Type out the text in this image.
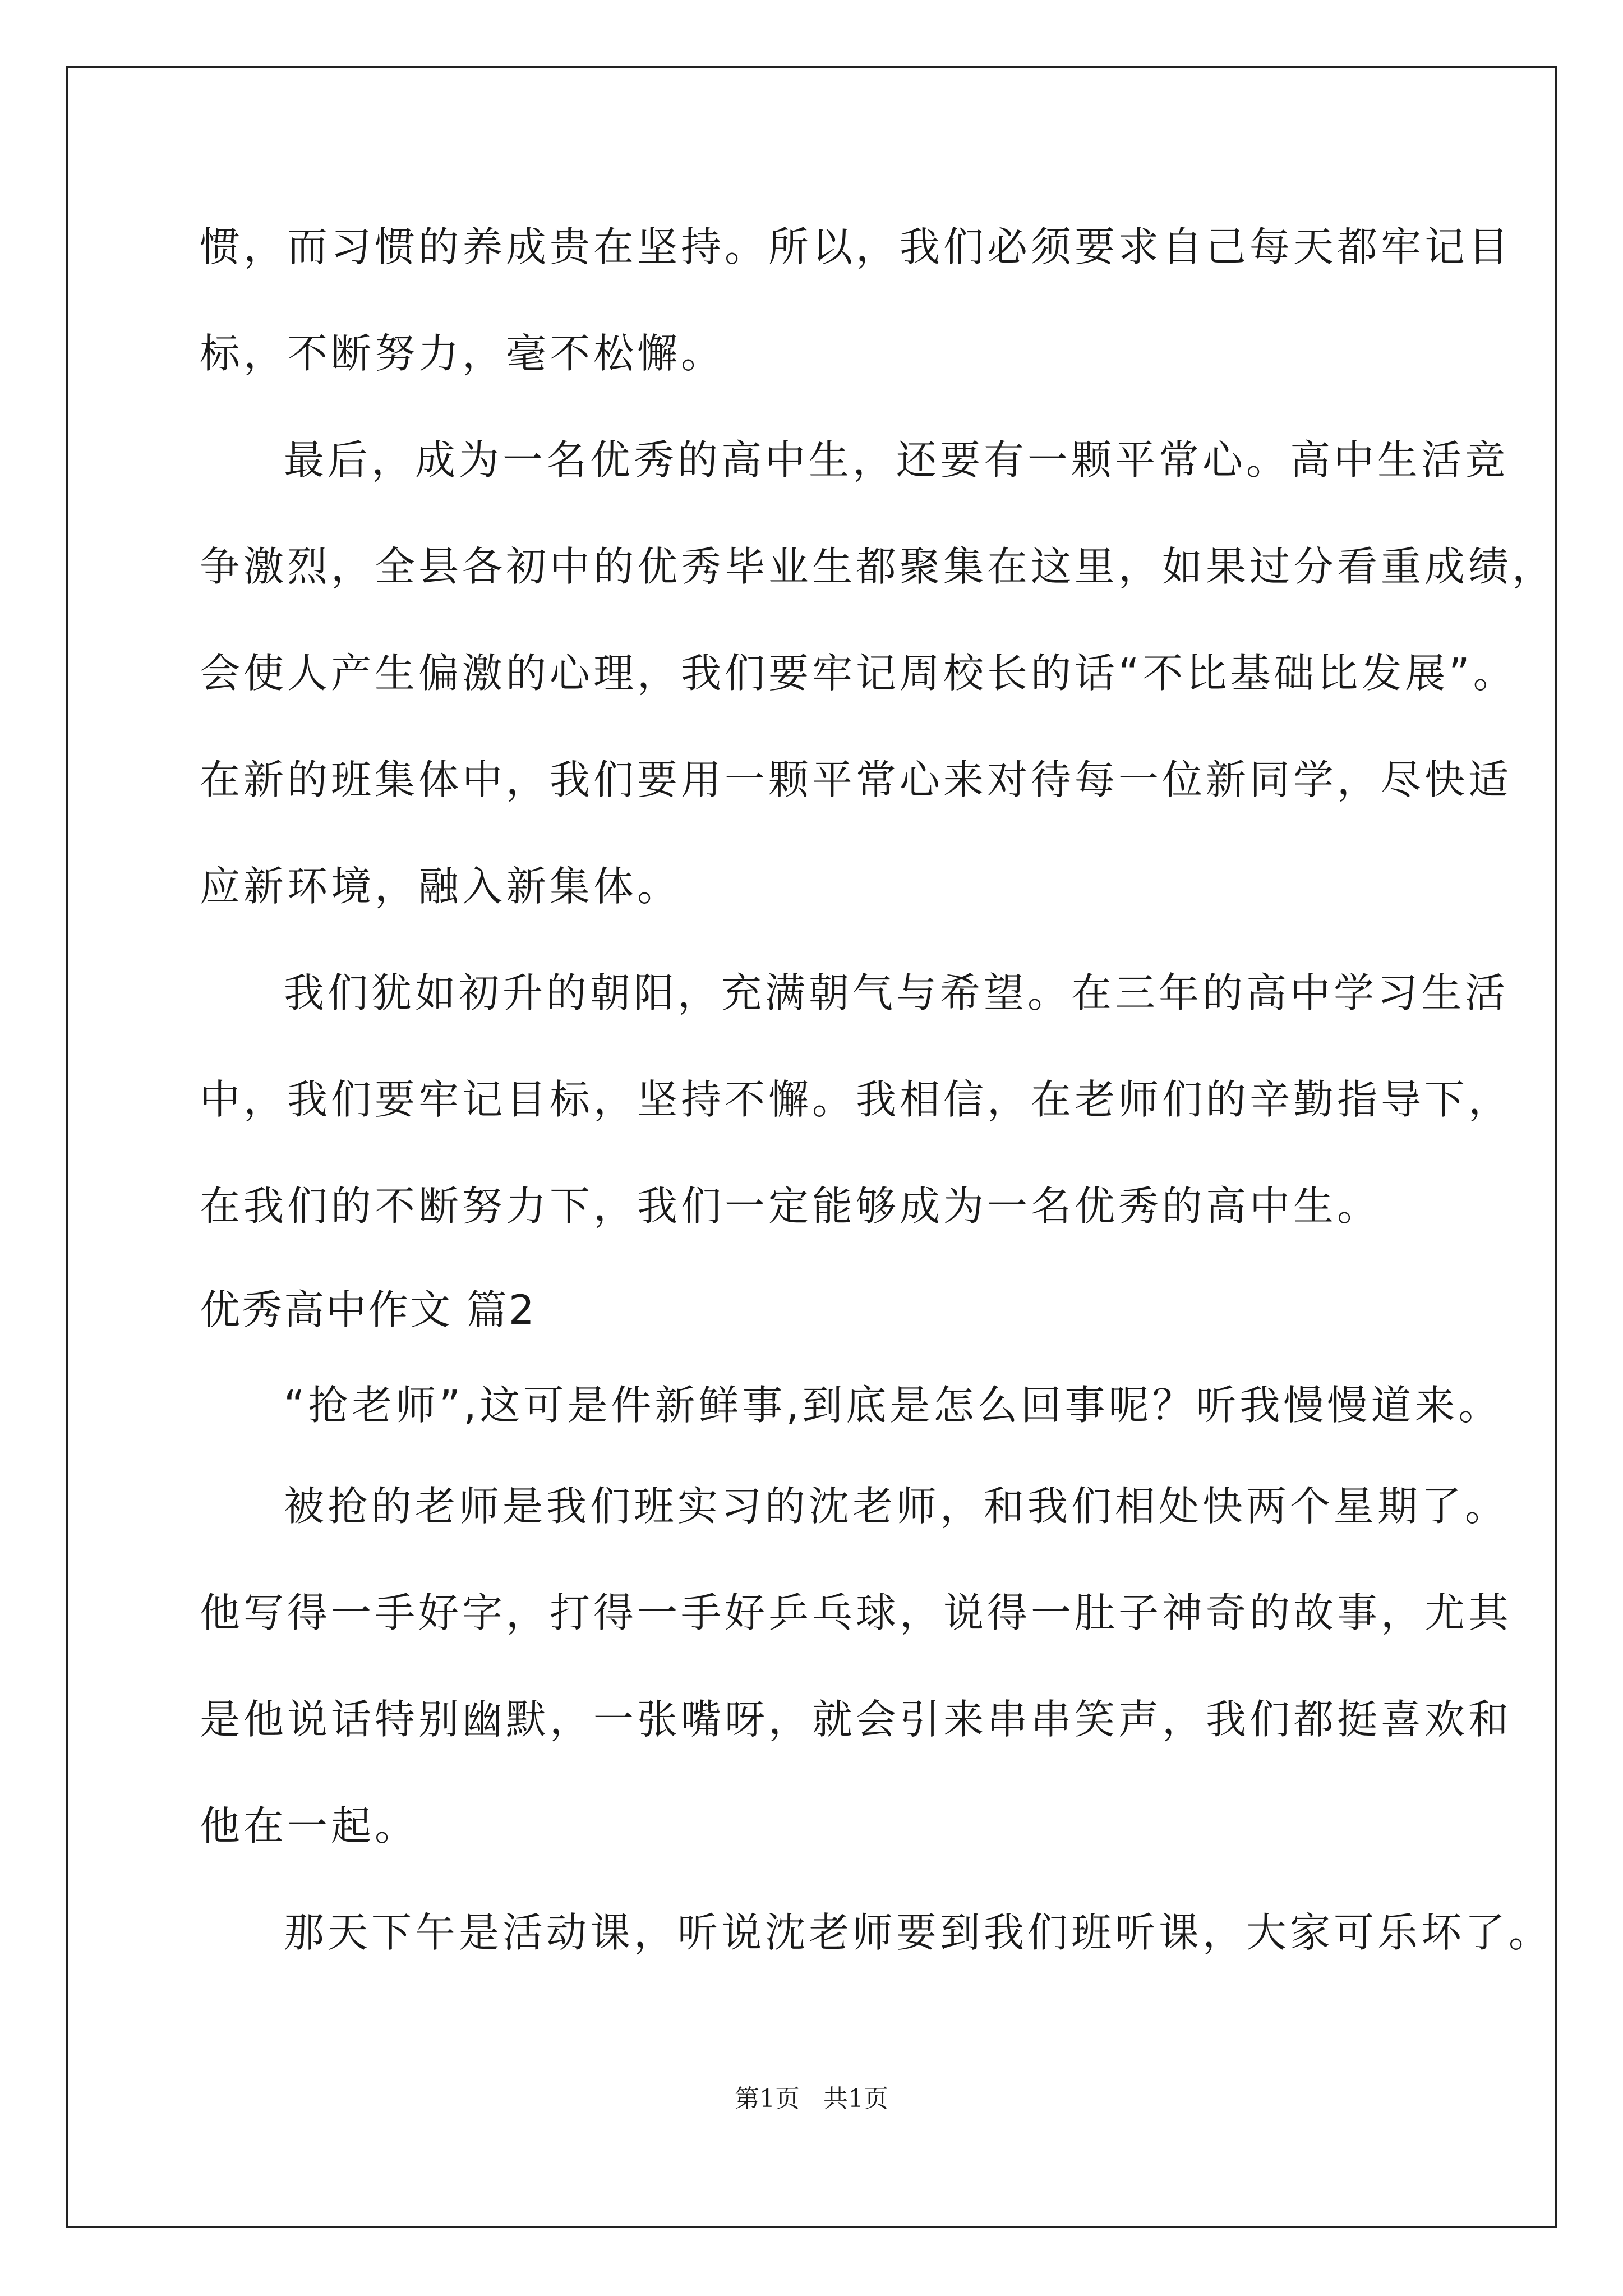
惯，而习惯的养成贵在坚持。所以，我们必须要求自己每天都牢记目

标，不断努力，毫不松懈。

最后，成为一名优秀的高中生，还要有一颗平常心。高中生活竞

争激烈，全县各初中的优秀毕业生都聚集在这里，如果过分看重成绩，

会使人产生偏激的心理，我们要牢记周校长的话“不比基础比发展”。

在新的班集体中，我们要用一颗平常心来对待每一位新同学，尽快适

应新环境，融入新集体。

我们犹如初升的朝阳，充满朝气与希望。在三年的高中学习生活

中，我们要牢记目标，坚持不懈。我相信，在老师们的辛勤指导下，

在我们的不断努力下，我们一定能够成为一名优秀的高中生。

优秀高中作文 篇2

“抢老师”,这可是件新鲜事,到底是怎么回事呢？听我慢慢道来。

被抢的老师是我们班实习的沈老师，和我们相处快两个星期了。

他写得一手好字，打得一手好乒乓球，说得一肚子神奇的故事，尤其

是他说话特别幽默，一张嘴呀，就会引来串串笑声，我们都挺喜欢和

他在一起。

那天下午是活动课，听说沈老师要到我们班听课，大家可乐坏了。

第1页 共1页
